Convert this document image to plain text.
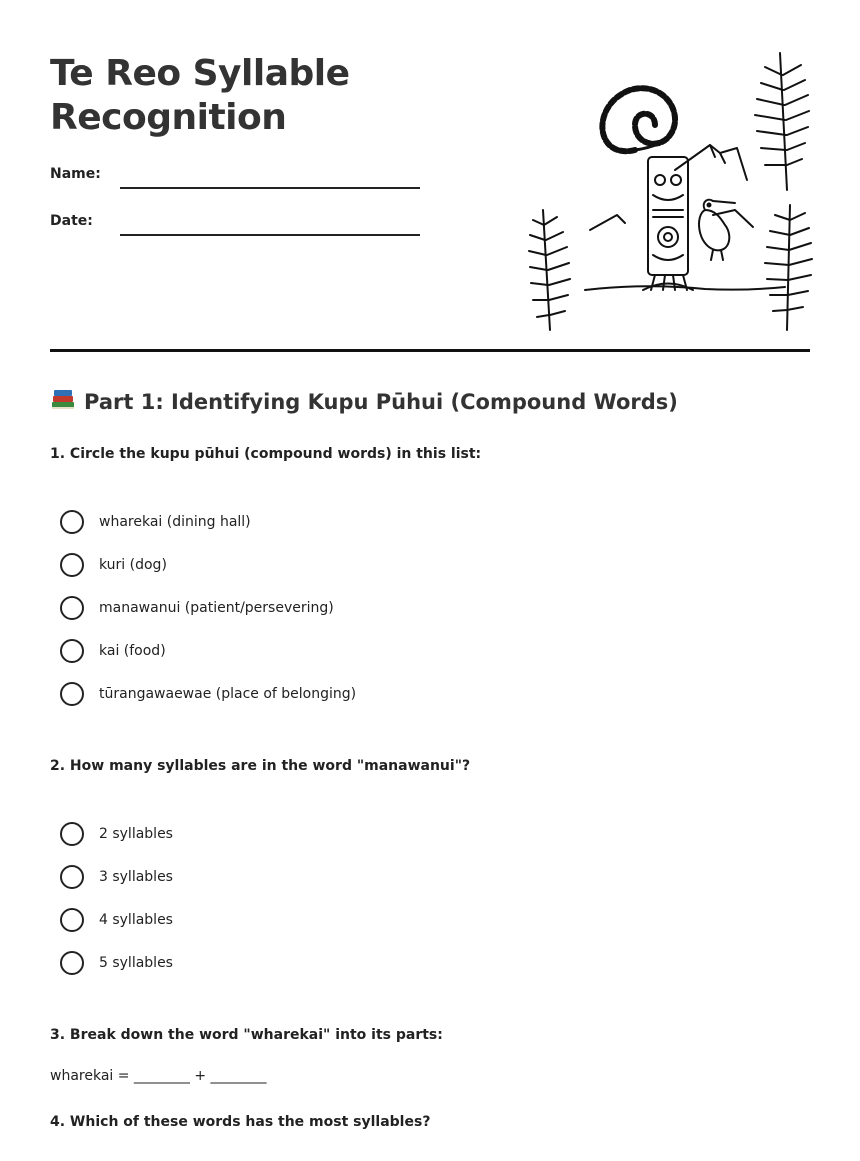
Te Reo Syllable
Recognition
Name:
Date:
Part 1: Identifying Kupu Pūhui (Compound Words)
1. Circle the kupu pūhui (compound words) in this list:
wharekai (dining hall)
kuri (dog)
manawanui (patient/persevering)
kai (food)
tūrangawaewae (place of belonging)
2. How many syllables are in the word "manawanui"?
2 syllables
3 syllables
4 syllables
5 syllables
3. Break down the word "wharekai" into its parts:
wharekai = ________ + ________
4. Which of these words has the most syllables?
